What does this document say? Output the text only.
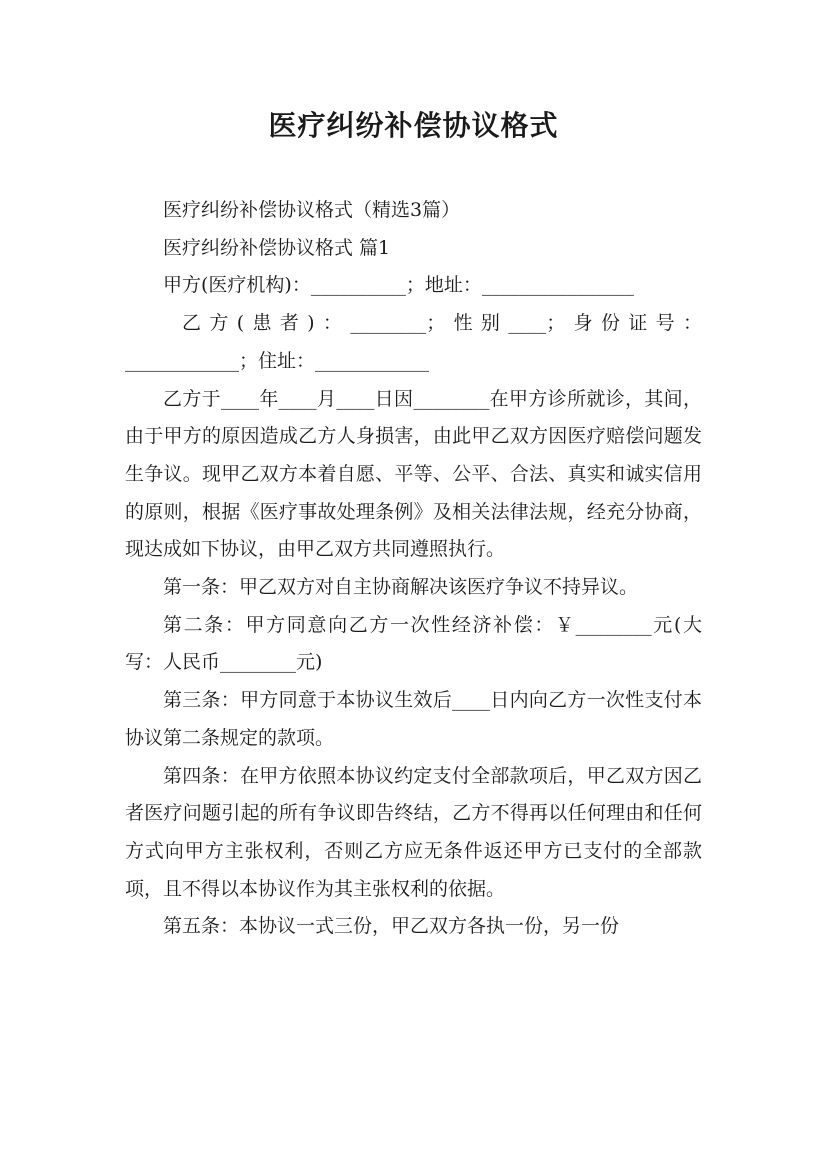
医疗纠纷补偿协议格式

医疗纠纷补偿协议格式（精选3篇）

医疗纠纷补偿协议格式 篇1

甲方(医疗机构)：__________；地址：________________

乙方(患者)：________；性别____；身份证号：

____________；住址：____________

乙方于____年____月____日因________在甲方诊所就诊，其间，由于甲方的原因造成乙方人身损害，由此甲乙双方因医疗赔偿问题发生争议。现甲乙双方本着自愿、平等、公平、合法、真实和诚实信用的原则，根据《医疗事故处理条例》及相关法律法规，经充分协商，现达成如下协议，由甲乙双方共同遵照执行。

第一条：甲乙双方对自主协商解决该医疗争议不持异议。

第二条：甲方同意向乙方一次性经济补偿：￥________元(大写：人民币________元)

第三条：甲方同意于本协议生效后____日内向乙方一次性支付本协议第二条规定的款项。

第四条：在甲方依照本协议约定支付全部款项后，甲乙双方因乙者医疗问题引起的所有争议即告终结，乙方不得再以任何理由和任何方式向甲方主张权利，否则乙方应无条件返还甲方已支付的全部款项，且不得以本协议作为其主张权利的依据。

第五条：本协议一式三份，甲乙双方各执一份，另一份
